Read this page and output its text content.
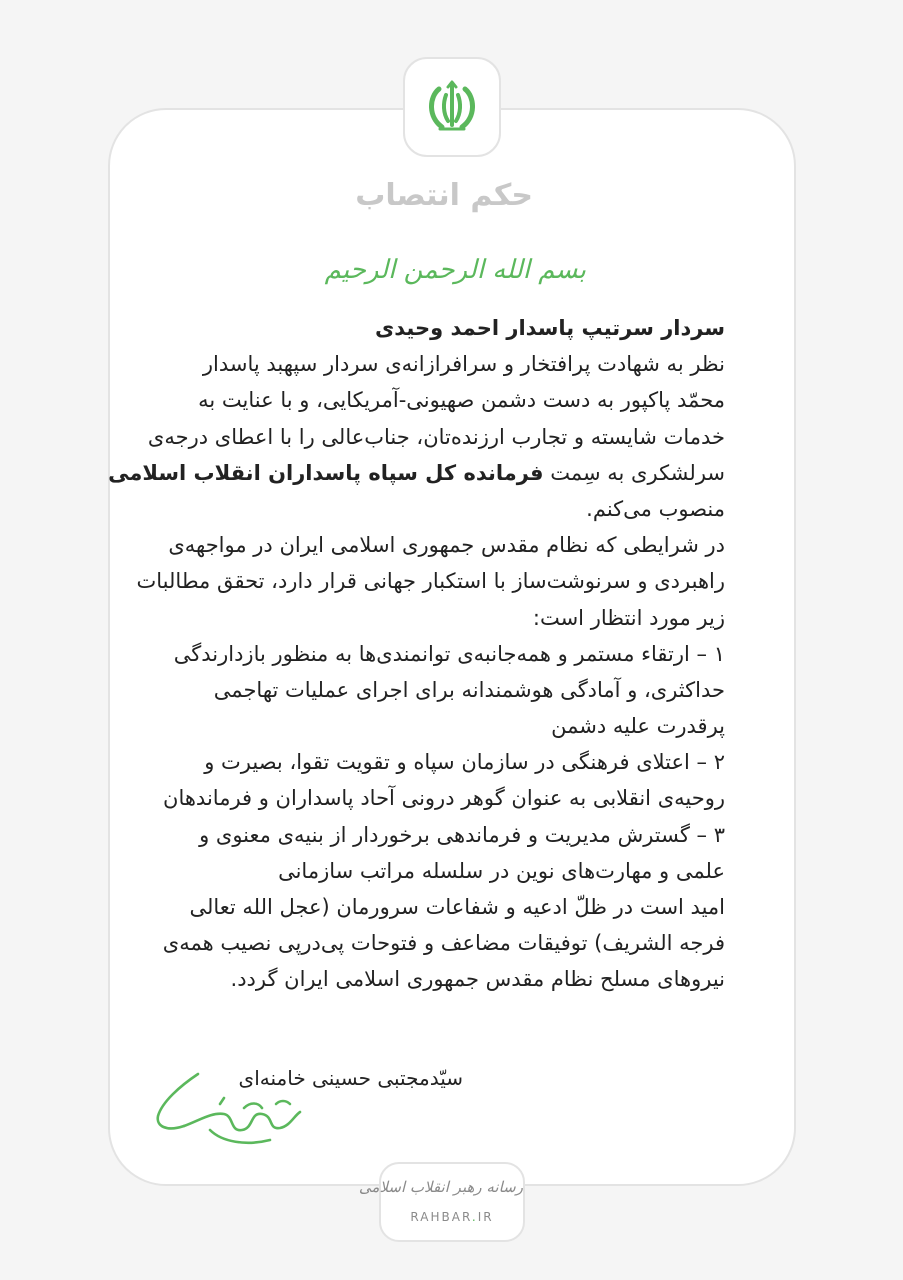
حکم انتصاب
بسم الله الرحمن الرحیم
سردار سرتیپ پاسدار احمد وحیدی
نظر به شهادت پرافتخار و سرافرازانه‌ی سردار سپهبد پاسدار
محمّد پاکپور به دست دشمن صهیونی-آمریکایی، و با عنایت به
خدمات شایسته و تجارب ارزنده‌تان، جناب‌عالی را با اعطای درجه‌ی
سرلشکری به سِمت فرمانده کل سپاه پاسداران انقلاب اسلامی
منصوب می‌کنم.
در شرایطی که نظام مقدس جمهوری اسلامی ایران در مواجهه‌ی
راهبردی و سرنوشت‌ساز با استکبار جهانی قرار دارد، تحقق مطالبات
زیر مورد انتظار است:
۱ – ارتقاء مستمر و همه‌جانبه‌ی توانمندی‌ها به منظور بازدارندگی
حداکثری، و آمادگی هوشمندانه برای اجرای عملیات تهاجمی
پرقدرت علیه دشمن
۲ – اعتلای فرهنگی در سازمان سپاه و تقویت تقوا، بصیرت و
روحیه‌ی انقلابی به عنوان گوهر درونی آحاد پاسداران و فرماندهان
۳ – گسترش مدیریت و فرماندهی برخوردار از بنیه‌ی معنوی و
علمی و مهارت‌های نوین در سلسله مراتب سازمانی
امید است در ظلّ ادعیه و شفاعات سرورمان (عجل الله تعالی
فرجه الشریف) توفیقات مضاعف و فتوحات پی‌درپی نصیب همه‌ی
نیروهای مسلح نظام مقدس جمهوری اسلامی ایران گردد.
سیّدمجتبی حسینی خامنه‌ای
رسانه رهبر انقلاب اسلامی
RAHBAR.IR
